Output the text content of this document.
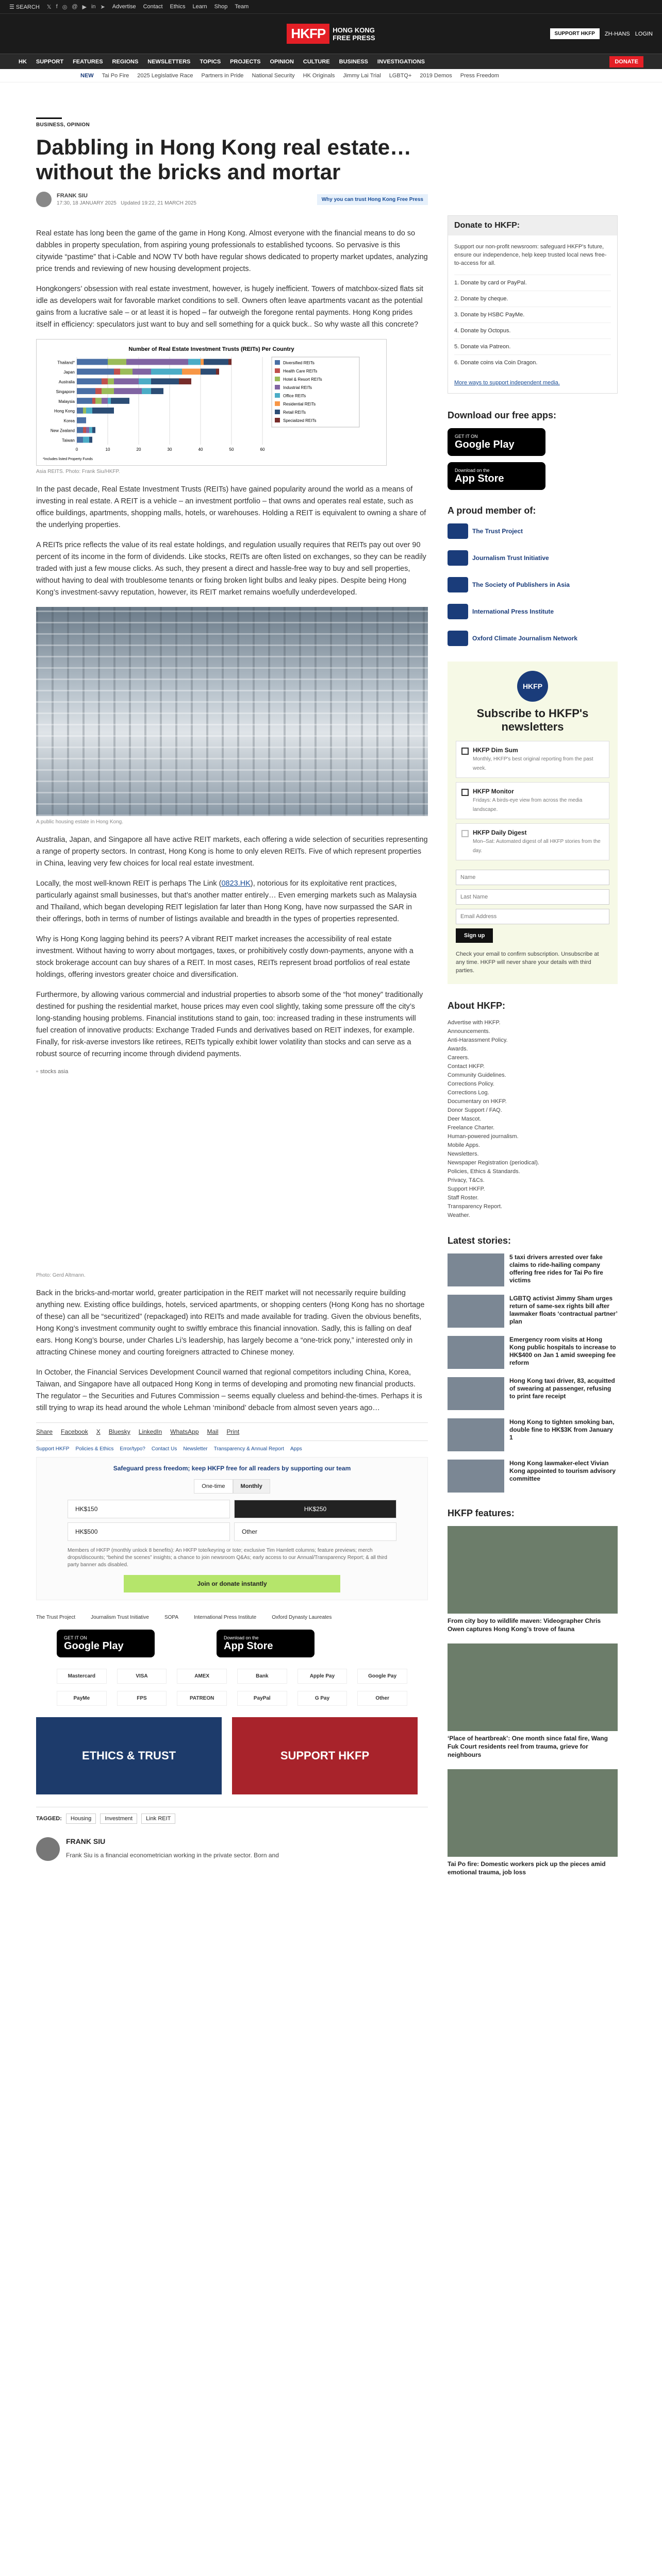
☰ SEARCH 𝕏 f ◎ @ ▶ in ➤ Advertise Contact Ethics Learn Shop Team
HKFP	HONG KONG
FREE PRESS	SUPPORT HKFP	ZH-HANS LOGIN
HK SUPPORT FEATURES REGIONS NEWSLETTERS TOPICS PROJECTS OPINION CULTURE BUSINESS INVESTIGATIONS	DONATE
NEW Tai Po Fire 2025 Legislative Race Partners in Pride National Security HK Originals Jimmy Lai Trial LGBTQ+ 2019 Demos Press Freedom
BUSINESS, OPINION
Dabbling in Hong Kong real estate… without the bricks and mortar
FRANK SIU
17:30, 18 JANUARY 2025 Updated 19:22, 21 MARCH 2025
Why you can trust Hong Kong Free Press

Real estate has long been the game of the game in Hong Kong. Almost everyone with the financial means to do so dabbles in property speculation, from aspiring young professionals to established tycoons. So pervasive is this citywide “pastime” that i-Cable and NOW TV both have regular shows dedicated to property market updates, analyzing price trends and reviewing of new housing development projects.

Hongkongers’ obsession with real estate investment, however, is hugely inefficient. Towers of matchbox-sized flats sit idle as developers wait for favorable market conditions to sell. Owners often leave apartments vacant as the potential gains from a lucrative sale – or at least it is hoped – far outweigh the foregone rental payments. Hong Kong prides itself in efficiency: speculators just want to buy and sell something for a quick buck.. So why waste all this concrete?

Number of Real Estate Investment Trusts (REITs) Per Country
0	10	20	30	40	50	60
Thailand*
Japan
Australia
Singapore
Malaysia
Hong Kong
Korea
New Zealand
Taiwan
Diversified REITs
Health Care REITs
Hotel & Resort REITs
Industrial REITs
Office REITs
Residential REITs
Retail REITs
Specialized REITs
*Includes listed Property Funds
Asia REITS. Photo: Frank Siu/HKFP.

In the past decade, Real Estate Investment Trusts (REITs) have gained popularity around the world as a means of investing in real estate. A REIT is a vehicle – an investment portfolio – that owns and operates real estate, such as office buildings, apartments, shopping malls, hotels, or warehouses. Holding a REIT is equivalent to owning a share of the underlying properties.

A REITs price reflects the value of its real estate holdings, and regulation usually requires that REITs pay out over 90 percent of its income in the form of dividends. Like stocks, REITs are often listed on exchanges, so they can be readily traded with just a few mouse clicks. As such, they present a direct and hassle-free way to buy and sell properties, without having to deal with troublesome tenants or fixing broken light bulbs and leaky pipes. Despite being Hong Kong’s investment-savvy reputation, however, its REIT market remains woefully underdeveloped.

A public housing estate in Hong Kong.

Australia, Japan, and Singapore all have active REIT markets, each offering a wide selection of securities representing a range of property sectors. In contrast, Hong Kong is home to only eleven REITs. Five of which represent properties in China, leaving very few choices for local real estate investment.

Locally, the most well-known REIT is perhaps The Link (0823.HK), notorious for its exploitative rent practices, particularly against small businesses, but that’s another matter entirely… Even emerging markets such as Malaysia and Thailand, which began developing REIT legislation far later than Hong Kong, have now surpassed the SAR in their offerings, both in terms of number of listings available and breadth in the types of properties represented.

Why is Hong Kong lagging behind its peers? A vibrant REIT market increases the accessibility of real estate investment. Without having to worry about mortgages, taxes, or prohibitively costly down-payments, anyone with a stock brokerage account can buy shares of a REIT. In most cases, REITs represent broad portfolios of real estate holdings, offering investors greater choice and diversification.

Furthermore, by allowing various commercial and industrial properties to absorb some of the “hot money” traditionally destined for pushing the residential market, house prices may even cool slightly, taking some pressure off the city’s long-standing housing problems. Financial institutions stand to gain, too: increased trading in these instruments will fuel creation of innovative products: Exchange Traded Funds and derivatives based on REIT indexes, for example. Finally, for risk-averse investors like retirees, REITs typically exhibit lower volatility than stocks and can serve as a robust source of recurring income through dividend payments.

▫ stocks asia
Photo: Gerd Altmann.

Back in the bricks-and-mortar world, greater participation in the REIT market will not necessarily require building anything new. Existing office buildings, hotels, serviced apartments, or shopping centers (Hong Kong has no shortage of these) can all be “securitized” (repackaged) into REITs and made available for trading. Given the obvious benefits, Hong Kong’s investment community ought to swiftly embrace this financial innovation. Sadly, this is falling on deaf ears. Hong Kong’s bourse, under Charles Li’s leadership, has largely become a “one-trick pony,” interested only in attracting Chinese money and courting foreigners attracted to Chinese money.

In October, the Financial Services Development Council warned that regional competitors including China, Korea, Taiwan, and Singapore have all outpaced Hong Kong in terms of developing and promoting new financial products. The regulator – the Securities and Futures Commission – seems equally clueless and behind-the-times. Perhaps it is still trying to wrap its head around the whole Lehman ‘minibond’ debacle from almost seven years ago…

Share Facebook X Bluesky LinkedIn WhatsApp Mail Print
Support HKFP Policies & Ethics Error/typo? Contact Us Newsletter Transparency & Annual Report Apps
Safeguard press freedom; keep HKFP free for all readers by supporting our team
One-time	Monthly
HK$150	HK$250
HK$500	Other
Members of HKFP (monthly unlock 8 benefits): An HKFP tote/keyring or tote; exclusive Tim Hamlett columns; feature previews; merch drops/discounts; “behind the scenes” insights; a chance to join newsroom Q&As; early access to our Annual/Transparency Report; & all third party banner ads disabled.
Join or donate instantly
The Trust Project	Journalism Trust Initiative	SOPA	International Press Institute	Oxford Dynasty Laureates
GET IT ON
Google Play
Download on the
App Store
Mastercard	VISA	AMEX	Bank	Apple Pay	Google Pay
PayMe	FPS	PATREON	PayPal	G Pay	Other
ETHICS & TRUST	SUPPORT HKFP
TAGGED:	Housing	Investment	Link REIT
FRANK SIU

Frank Siu is a financial econometrician working in the private sector. Born and

Donate to HKFP:

Support our non-profit newsroom: safeguard HKFP's future, ensure our independence, help keep trusted local news free-to-access for all.

1. Donate by card or PayPal.
2. Donate by cheque.
3. Donate by HSBC PayMe.
4. Donate by Octopus.
5. Donate via Patreon.
6. Donate coins via Coin Dragon.
More ways to support independent media.
Download our free apps:
GET IT ON
Google Play
Download on the
App Store
A proud member of:
The Trust Project
Journalism Trust Initiative
The Society of Publishers in Asia
International Press Institute
Oxford Climate Journalism Network
HKFP
Subscribe to HKFP's newsletters
HKFP Dim Sum
Monthly, HKFP's best original reporting from the past week.
HKFP Monitor
Fridays: A birds-eye view from across the media landscape.
HKFP Daily Digest
Mon–Sat: Automated digest of all HKFP stories from the day.
Name Last Name Email Address Sign up

Check your email to confirm subscription. Unsubscribe at any time. HKFP will never share your details with third parties.

About HKFP:
Advertise with HKFP.
Announcements.
Anti-Harassment Policy.
Awards.
Careers.
Contact HKFP.
Community Guidelines.
Corrections Policy.
Corrections Log.
Documentary on HKFP.
Donor Support / FAQ.
Deer Mascot.
Freelance Charter.
Human-powered journalism.
Mobile Apps.
Newsletters.
Newspaper Registration (periodical).
Policies, Ethics & Standards.
Privacy, T&Cs.
Support HKFP.
Staff Roster.
Transparency Report.
Weather.
Latest stories:
5 taxi drivers arrested over fake claims to ride-hailing company offering free rides for Tai Po fire victims
LGBTQ activist Jimmy Sham urges return of same-sex rights bill after lawmaker floats ‘contractual partner’ plan
Emergency room visits at Hong Kong public hospitals to increase to HK$400 on Jan 1 amid sweeping fee reform
Hong Kong taxi driver, 83, acquitted of swearing at passenger, refusing to print fare receipt
Hong Kong to tighten smoking ban, double fine to HK$3K from January 1
Hong Kong lawmaker-elect Vivian Kong appointed to tourism advisory committee
HKFP features:
From city boy to wildlife maven: Videographer Chris Owen captures Hong Kong’s trove of fauna
‘Place of heartbreak’: One month since fatal fire, Wang Fuk Court residents reel from trauma, grieve for neighbours
Tai Po fire: Domestic workers pick up the pieces amid emotional trauma, job loss
